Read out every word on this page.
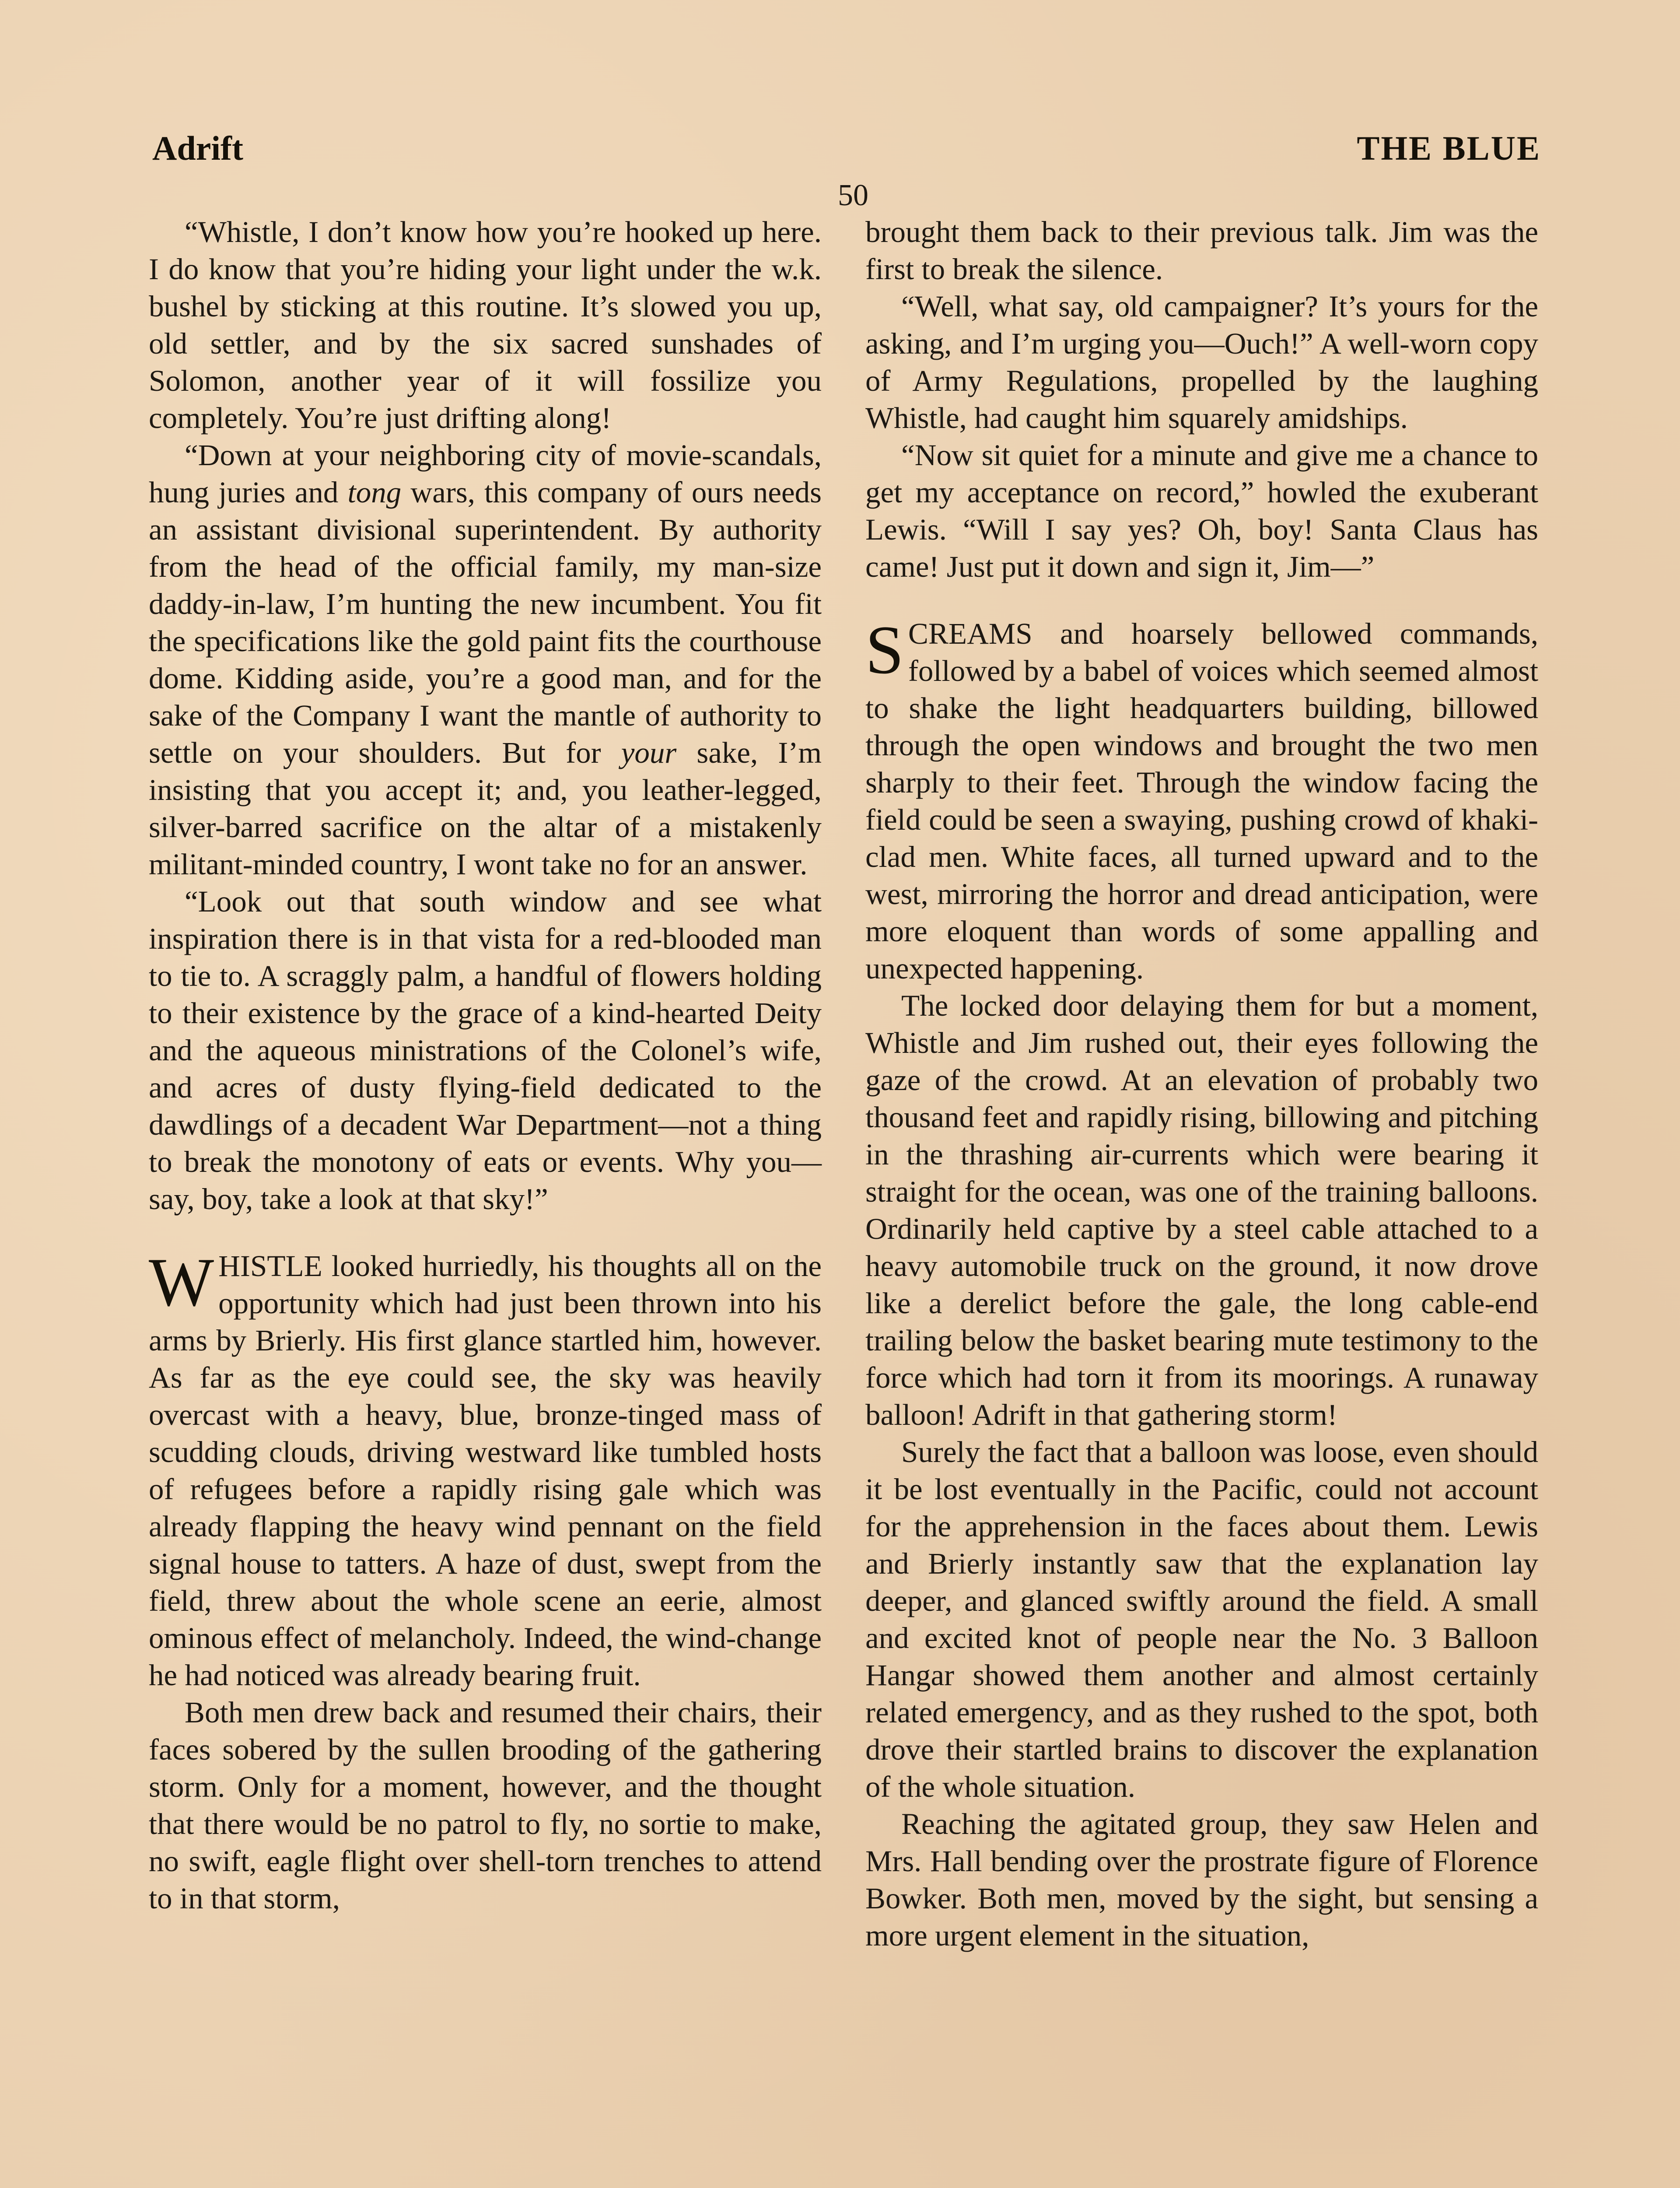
Adrift	THE BLUE
50

“Whistle, I don’t know how you’re hooked up here. I do know that you’re hiding your light under the w.k. bushel by sticking at this routine. It’s slowed you up, old settler, and by the six sacred sunshades of Solomon, another year of it will fossilize you completely. You’re just drifting along!

“Down at your neighboring city of movie-scandals, hung juries and tong wars, this company of ours needs an assistant divisional superintendent. By authority from the head of the official family, my man-size daddy-in-law, I’m hunting the new incumbent. You fit the specifications like the gold paint fits the courthouse dome. Kidding aside, you’re a good man, and for the sake of the Company I want the mantle of authority to settle on your shoulders. But for your sake, I’m insisting that you accept it; and, you leather-legged, silver-barred sacrifice on the altar of a mistakenly militant-minded country, I wont take no for an answer.

“Look out that south window and see what inspiration there is in that vista for a red-blooded man to tie to. A scraggly palm, a handful of flowers holding to their existence by the grace of a kind-hearted Deity and the aqueous ministrations of the Colonel’s wife, and acres of dusty flying-field dedicated to the dawdlings of a decadent War Department—not a thing to break the monotony of eats or events. Why you—say, boy, take a look at that sky!”

WHISTLE looked hurriedly, his thoughts all on the opportunity which had just been thrown into his arms by Brierly. His first glance startled him, however. As far as the eye could see, the sky was heavily overcast with a heavy, blue, bronze-tinged mass of scudding clouds, driving westward like tumbled hosts of refugees before a rapidly rising gale which was already flapping the heavy wind pennant on the field signal house to tatters. A haze of dust, swept from the field, threw about the whole scene an eerie, almost ominous effect of melancholy. Indeed, the wind-change he had noticed was already bearing fruit.

Both men drew back and resumed their chairs, their faces sobered by the sullen brooding of the gathering storm. Only for a moment, however, and the thought that there would be no patrol to fly, no sortie to make, no swift, eagle flight over shell-torn trenches to attend to in that storm,

brought them back to their previous talk. Jim was the first to break the silence.

“Well, what say, old campaigner? It’s yours for the asking, and I’m urging you—Ouch!” A well-worn copy of Army Regulations, propelled by the laughing Whistle, had caught him squarely amidships.

“Now sit quiet for a minute and give me a chance to get my acceptance on record,” howled the exuberant Lewis. “Will I say yes? Oh, boy! Santa Claus has came! Just put it down and sign it, Jim—”

SCREAMS and hoarsely bellowed commands, followed by a babel of voices which seemed almost to shake the light headquarters building, billowed through the open windows and brought the two men sharply to their feet. Through the window facing the field could be seen a swaying, pushing crowd of khaki-clad men. White faces, all turned upward and to the west, mirroring the horror and dread anticipation, were more eloquent than words of some appalling and unexpected happening.

The locked door delaying them for but a moment, Whistle and Jim rushed out, their eyes following the gaze of the crowd. At an elevation of probably two thousand feet and rapidly rising, billowing and pitching in the thrashing air-currents which were bearing it straight for the ocean, was one of the training balloons. Ordinarily held captive by a steel cable attached to a heavy automobile truck on the ground, it now drove like a derelict before the gale, the long cable-end trailing below the basket bearing mute testimony to the force which had torn it from its moorings. A runaway balloon! Adrift in that gathering storm!

Surely the fact that a balloon was loose, even should it be lost eventually in the Pacific, could not account for the apprehension in the faces about them. Lewis and Brierly instantly saw that the explanation lay deeper, and glanced swiftly around the field. A small and excited knot of people near the No. 3 Balloon Hangar showed them another and almost certainly related emergency, and as they rushed to the spot, both drove their startled brains to discover the explanation of the whole situation.

Reaching the agitated group, they saw Helen and Mrs. Hall bending over the prostrate figure of Florence Bowker. Both men, moved by the sight, but sensing a more urgent element in the situation,
